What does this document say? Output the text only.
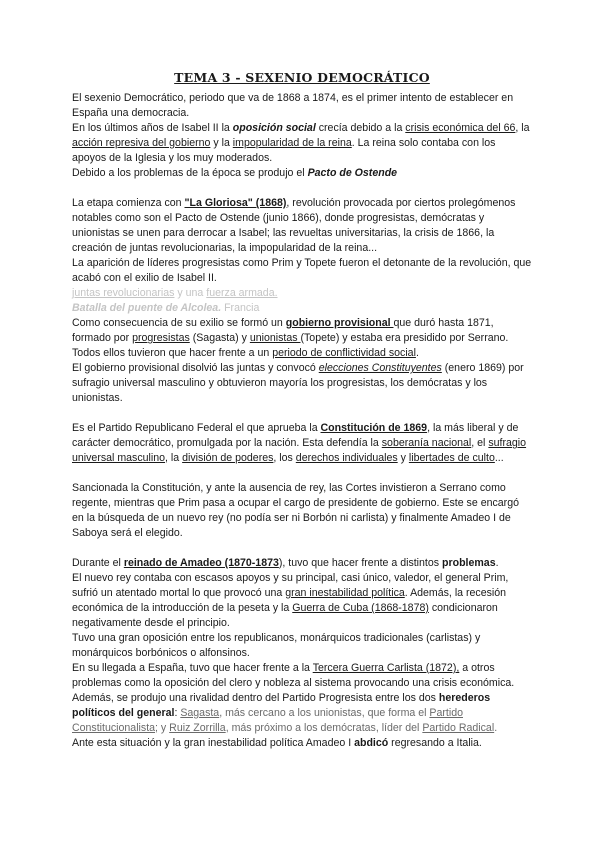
TEMA 3 - SEXENIO DEMOCRÁTICO

El sexenio Democrático, periodo que va de 1868 a 1874, es el primer intento de establecer en España una democracia.

En los últimos años de Isabel II la oposición social crecía debido a la crisis económica del 66, la acción represiva del gobierno y la impopularidad de la reina. La reina solo contaba con los apoyos de la Iglesia y los muy moderados.

Debido a los problemas de la época se produjo el Pacto de Ostende

La etapa comienza con "La Gloriosa" (1868), revolución provocada por ciertos prolegómenos notables como son el Pacto de Ostende (junio 1866), donde progresistas, demócratas y unionistas se unen para derrocar a Isabel; las revueltas universitarias, la crisis de 1866, la creación de juntas revolucionarias, la impopularidad de la reina...

La aparición de líderes progresistas como Prim y Topete fueron el detonante de la revolución, que acabó con el exilio de Isabel II.

juntas revolucionarias y una fuerza armada.

Batalla del puente de Alcolea. Francia

Como consecuencia de su exilio se formó un gobierno provisional que duró hasta 1871, formado por progresistas (Sagasta) y unionistas (Topete) y estaba era presidido por Serrano. Todos ellos tuvieron que hacer frente a un periodo de conflictividad social.

El gobierno provisional disolvió las juntas y convocó elecciones Constituyentes (enero 1869) por sufragio universal masculino y obtuvieron mayoría los progresistas, los demócratas y los unionistas.

Es el Partido Republicano Federal el que aprueba la Constitución de 1869, la más liberal y de carácter democrático, promulgada por la nación. Esta defendía la soberanía nacional, el sufragio universal masculino, la división de poderes, los derechos individuales y libertades de culto...

Sancionada la Constitución, y ante la ausencia de rey, las Cortes invistieron a Serrano como regente, mientras que Prim pasa a ocupar el cargo de presidente de gobierno. Este se encargó en la búsqueda de un nuevo rey (no podía ser ni Borbón ni carlista) y finalmente Amadeo I de Saboya será el elegido.

Durante el reinado de Amadeo (1870-1873), tuvo que hacer frente a distintos problemas.

El nuevo rey contaba con escasos apoyos y su principal, casi único, valedor, el general Prim, sufrió un atentado mortal lo que provocó una gran inestabilidad política. Además, la recesión económica de la introducción de la peseta y la Guerra de Cuba (1868-1878) condicionaron negativamente desde el principio.

Tuvo una gran oposición entre los republicanos, monárquicos tradicionales (carlistas) y monárquicos borbónicos o alfonsinos.

En su llegada a España, tuvo que hacer frente a la Tercera Guerra Carlista (1872), a otros problemas como la oposición del clero y nobleza al sistema provocando una crisis económica. Además, se produjo una rivalidad dentro del Partido Progresista entre los dos herederos políticos del general: Sagasta, más cercano a los unionistas, que forma el Partido Constitucionalista; y Ruiz Zorrilla, más próximo a los demócratas, líder del Partido Radical.

Ante esta situación y la gran inestabilidad política Amadeo I abdicó regresando a Italia.
